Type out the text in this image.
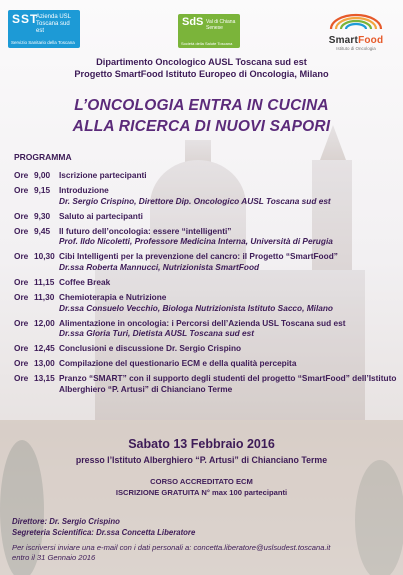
SST
Azienda USL Toscana sud est
Servizio Sanitario della Toscana
SdS Val di Chiana Senese
Società della Salute Toscana	SmartFood
Istituto di Oncologia
Dipartimento Oncologico AUSL Toscana sud est
Progetto SmartFood Istituto Europeo di Oncologia, Milano
L’ONCOLOGIA ENTRA IN CUCINA
ALLA RICERCA DI NUOVI SAPORI
PROGRAMMA
Ore 9,00	Iscrizione partecipanti
Ore 9,15	Introduzione
Dr. Sergio Crispino, Direttore Dip. Oncologico AUSL Toscana sud est
Ore 9,30	Saluto ai partecipanti
Ore 9,45	Il futuro dell’oncologia: essere “intelligenti”
Prof. Ildo Nicoletti, Professore Medicina Interna, Università di Perugia
Ore 10,30 Cibi Intelligenti per la prevenzione del cancro: il Progetto “SmartFood”
Dr.ssa Roberta Mannucci, Nutrizionista SmartFood
Ore 11,15 Coffee Break
Ore 11,30 Chemioterapia e Nutrizione
Dr.ssa Consuelo Vecchio, Biologa Nutrizionista Istituto Sacco, Milano
Ore 12,00 Alimentazione in oncologia: i Percorsi dell’Azienda USL Toscana sud est
Dr.ssa Gloria Turi, Dietista AUSL Toscana sud est
Ore 12,45 Conclusioni e discussione Dr. Sergio Crispino
Ore 13,00 Compilazione del questionario ECM e della qualità percepita
Ore 13,15 Pranzo “SMART” con il supporto degli studenti del progetto “SmartFood” dell’Istituto Alberghiero “P. Artusi” di Chianciano Terme
Sabato 13 Febbraio 2016
presso l’Istituto Alberghiero “P. Artusi” di Chianciano Terme
CORSO ACCREDITATO ECM
ISCRIZIONE GRATUITA N° max 100 partecipanti
Direttore: Dr. Sergio Crispino
Segreteria Scientifica: Dr.ssa Concetta Liberatore
Per iscriversi inviare una e-mail con i dati personali a: concetta.liberatore@uslsudest.toscana.it
entro il 31 Gennaio 2016
